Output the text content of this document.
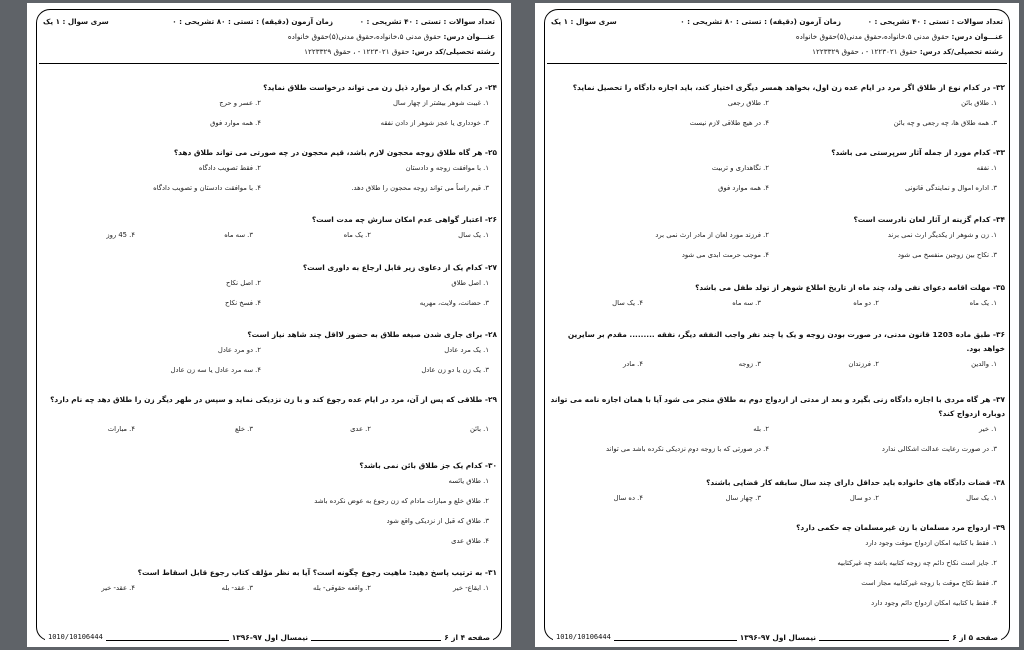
تعداد سوالات : تستی : ۴۰ تشریحی : ۰
زمان آزمون (دقیقه) : تستی : ۸۰ تشریحی : ۰
سری سوال : ۱ یک
عنـــوان درس: حقوق مدنی ۵،خانواده،حقوق مدنی(۵)حقوق خانواده
رشته تحصیلی/کد درس: حقوق ۱۲۲۳۰۲۱ - ، حقوق ۱۲۲۳۳۲۹
۲۴- در کدام یک از موارد ذیل زن می تواند درخواست طلاق نماید؟
۱. غیبت شوهر بیشتر از چهار سال
۲. عسر و حرج
۳. خودداری یا عجز شوهر از دادن نفقه
۴. همه موارد فوق
۲۵- هر گاه طلاق زوجه محجون لازم باشد، قیم محجون در چه صورتی می تواند طلاق دهد؟
۱. با موافقت زوجه و دادستان
۲. فقط تصویب دادگاه
۳. قیم راساً می تواند زوجه محجون را طلاق دهد.
۴. با موافقت دادستان و تصویب دادگاه
۲۶- اعتبار گواهی عدم امکان سازش چه مدت است؟
۱. یک سال
۲. یک ماه
۳. سه ماه
۴. 45 روز
۲۷- کدام یک از دعاوی زیر قابل ارجاع به داوری است؟
۱. اصل طلاق
۲. اصل نکاح
۳. حضانت، ولایت، مهریه
۴. فسخ نکاح
۲۸- برای جاری شدن صیغه طلاق به حضور لااقل چند شاهد نیاز است؟
۱. یک مرد عادل
۲. دو مرد عادل
۳. یک زن یا دو زن عادل
۴. سه مرد عادل یا سه زن عادل
۲۹- طلاقی که پس از آن، مرد در ایام عده رجوع کند و با زن نزدیکی نماید و سپس در طهر دیگر زن را طلاق دهد چه نام دارد؟
۱. بائن
۲. عدی
۳. خلع
۴. مبارات
۳۰- کدام یک جز طلاق بائن نمی باشد؟
۱. طلاق یائسه
۲. طلاق خلع و مبارات مادام که زن رجوع به عوض نکرده باشد
۳. طلاق که قبل از نزدیکی واقع شود
۴. طلاق عدی
۳۱- به ترتیب پاسخ دهید: ماهیت رجوع چگونه است؟ آیا به نظر مؤلف کتاب رجوع قابل اسقاط است؟
۱. ایقاع- خیر
۲. واقعه حقوقی- بله
۳. عقد- بله
۴. عقد- خیر
صفحه ۴ از ۶
نیمسال اول ۹۷-۱۳۹۶
1010/10106444
تعداد سوالات : تستی : ۴۰ تشریحی : ۰
زمان آزمون (دقیقه) : تستی : ۸۰ تشریحی : ۰
سری سوال : ۱ یک
عنـــوان درس: حقوق مدنی ۵،خانواده،حقوق مدنی(۵)حقوق خانواده
رشته تحصیلی/کد درس: حقوق ۱۲۲۳۰۲۱ - ، حقوق ۱۲۲۳۳۲۹
۳۲- در کدام نوع از طلاق اگر مرد در ایام عده زن اول، بخواهد همسر دیگری اختیار کند، باید اجازه دادگاه را تحصیل نماید؟
۱. طلاق بائن
۲. طلاق رجعی
۳. همه طلاق ها، چه رجعی و چه بائن
۴. در هیچ طلاقی لازم نیست
۳۳- کدام مورد از جمله آثار سرپرستی می باشد؟
۱. نفقه
۲. نگاهداری و تربیت
۳. اداره اموال و نمایندگی قانونی
۴. همه موارد فوق
۳۴- کدام گزینه از آثار لعان نادرست است؟
۱. زن و شوهر از یکدیگر ارث نمی برند
۲. فرزند مورد لعان از مادر ارث نمی برد
۳. نکاح بین زوجین منفسخ می شود
۴. موجب حرمت ابدی می شود
۳۵- مهلت اقامه دعوای نفی ولد، چند ماه از تاریخ اطلاع شوهر از تولد طفل می باشد؟
۱. یک ماه
۲. دو ماه
۳. سه ماه
۴. یک سال
۳۶- طبق ماده 1203 قانون مدنی، در صورت بودن زوجه و یک یا چند نفر واجب النفقه دیگر، نفقه ......... مقدم بر سایرین خواهد بود.
۱. والدین
۲. فرزندان
۳. زوجه
۴. مادر
۳۷- هر گاه مردی با اجازه دادگاه زنی بگیرد و بعد از مدتی از ازدواج دوم به طلاق منجر می شود آیا با همان اجازه نامه می تواند دوباره ازدواج کند؟
۱. خیر
۲. بله
۳. در صورت رعایت عدالت اشکالی ندارد
۴. در صورتی که با زوجه دوم نزدیکی نکرده باشد می تواند
۳۸- قضات دادگاه های خانواده باید حداقل دارای چند سال سابقه کار قضایی باشند؟
۱. یک سال
۲. دو سال
۳. چهار سال
۴. ده سال
۳۹- ازدواج مرد مسلمان با زن غیرمسلمان چه حکمی دارد؟
۱. فقط با کتابیه امکان ازدواج موقت وجود دارد
۲. جایز است نکاح دائم چه زوجه کتابیه باشد چه غیرکتابیه
۳. فقط نکاح موقت با زوجه غیرکتابیه مجاز است
۴. فقط با کتابیه امکان ازدواج دائم وجود دارد
صفحه ۵ از ۶
نیمسال اول ۹۷-۱۳۹۶
1010/10106444
